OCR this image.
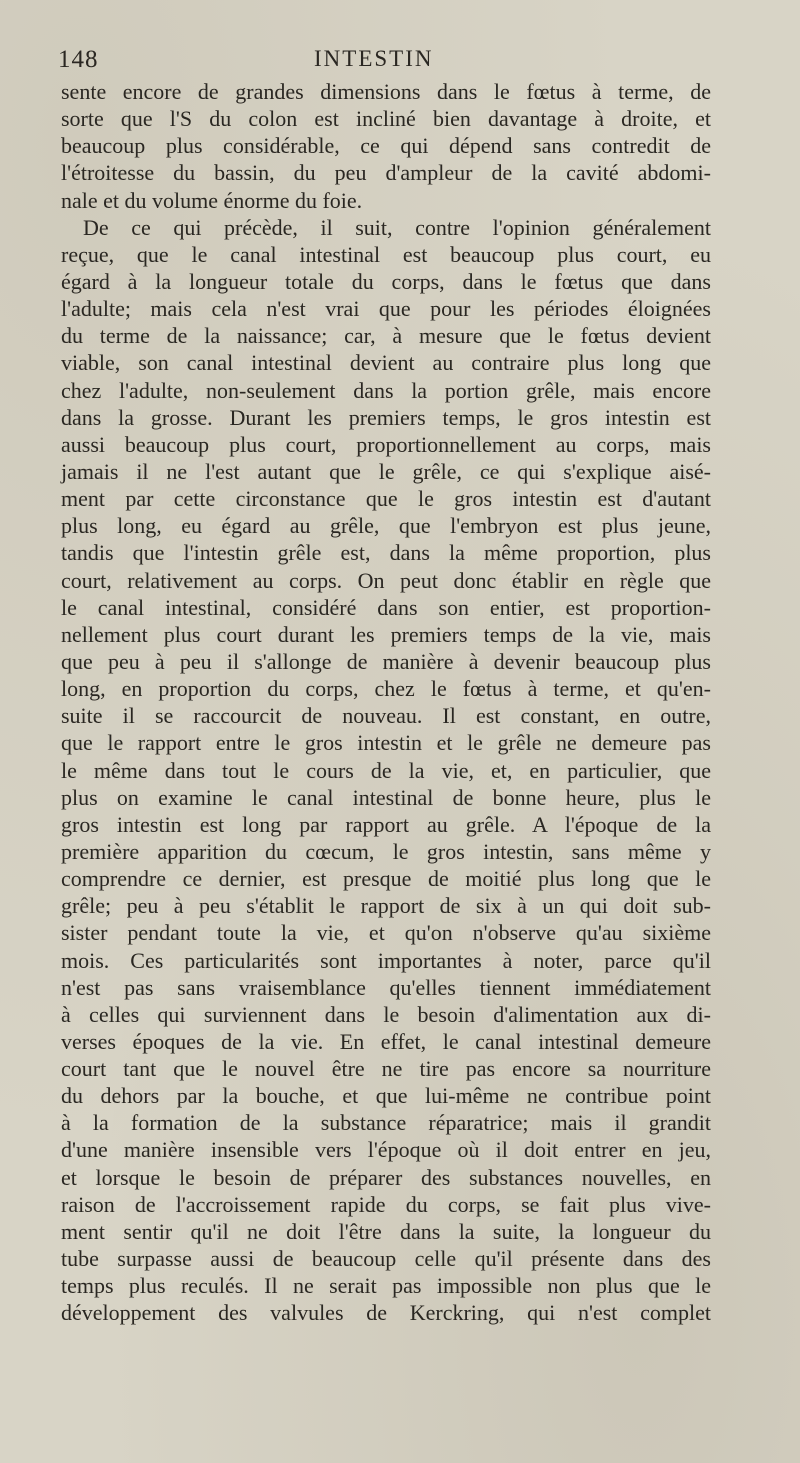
148	INTESTIN
sente encore de grandes dimensions dans le fœtus à terme, de
sorte que l'S du colon est incliné bien davantage à droite, et
beaucoup plus considérable, ce qui dépend sans contredit de
l'étroitesse du bassin, du peu d'ampleur de la cavité abdomi-
nale et du volume énorme du foie.
De ce qui précède, il suit, contre l'opinion généralement
reçue, que le canal intestinal est beaucoup plus court, eu
égard à la longueur totale du corps, dans le fœtus que dans
l'adulte; mais cela n'est vrai que pour les périodes éloignées
du terme de la naissance; car, à mesure que le fœtus devient
viable, son canal intestinal devient au contraire plus long que
chez l'adulte, non-seulement dans la portion grêle, mais encore
dans la grosse. Durant les premiers temps, le gros intestin est
aussi beaucoup plus court, proportionnellement au corps, mais
jamais il ne l'est autant que le grêle, ce qui s'explique aisé-
ment par cette circonstance que le gros intestin est d'autant
plus long, eu égard au grêle, que l'embryon est plus jeune,
tandis que l'intestin grêle est, dans la même proportion, plus
court, relativement au corps. On peut donc établir en règle que
le canal intestinal, considéré dans son entier, est proportion-
nellement plus court durant les premiers temps de la vie, mais
que peu à peu il s'allonge de manière à devenir beaucoup plus
long, en proportion du corps, chez le fœtus à terme, et qu'en-
suite il se raccourcit de nouveau. Il est constant, en outre,
que le rapport entre le gros intestin et le grêle ne demeure pas
le même dans tout le cours de la vie, et, en particulier, que
plus on examine le canal intestinal de bonne heure, plus le
gros intestin est long par rapport au grêle. A l'époque de la
première apparition du cœcum, le gros intestin, sans même y
comprendre ce dernier, est presque de moitié plus long que le
grêle; peu à peu s'établit le rapport de six à un qui doit sub-
sister pendant toute la vie, et qu'on n'observe qu'au sixième
mois. Ces particularités sont importantes à noter, parce qu'il
n'est pas sans vraisemblance qu'elles tiennent immédiatement
à celles qui surviennent dans le besoin d'alimentation aux di-
verses époques de la vie. En effet, le canal intestinal demeure
court tant que le nouvel être ne tire pas encore sa nourriture
du dehors par la bouche, et que lui-même ne contribue point
à la formation de la substance réparatrice; mais il grandit
d'une manière insensible vers l'époque où il doit entrer en jeu,
et lorsque le besoin de préparer des substances nouvelles, en
raison de l'accroissement rapide du corps, se fait plus vive-
ment sentir qu'il ne doit l'être dans la suite, la longueur du
tube surpasse aussi de beaucoup celle qu'il présente dans des
temps plus reculés. Il ne serait pas impossible non plus que le
développement des valvules de Kerckring, qui n'est complet
